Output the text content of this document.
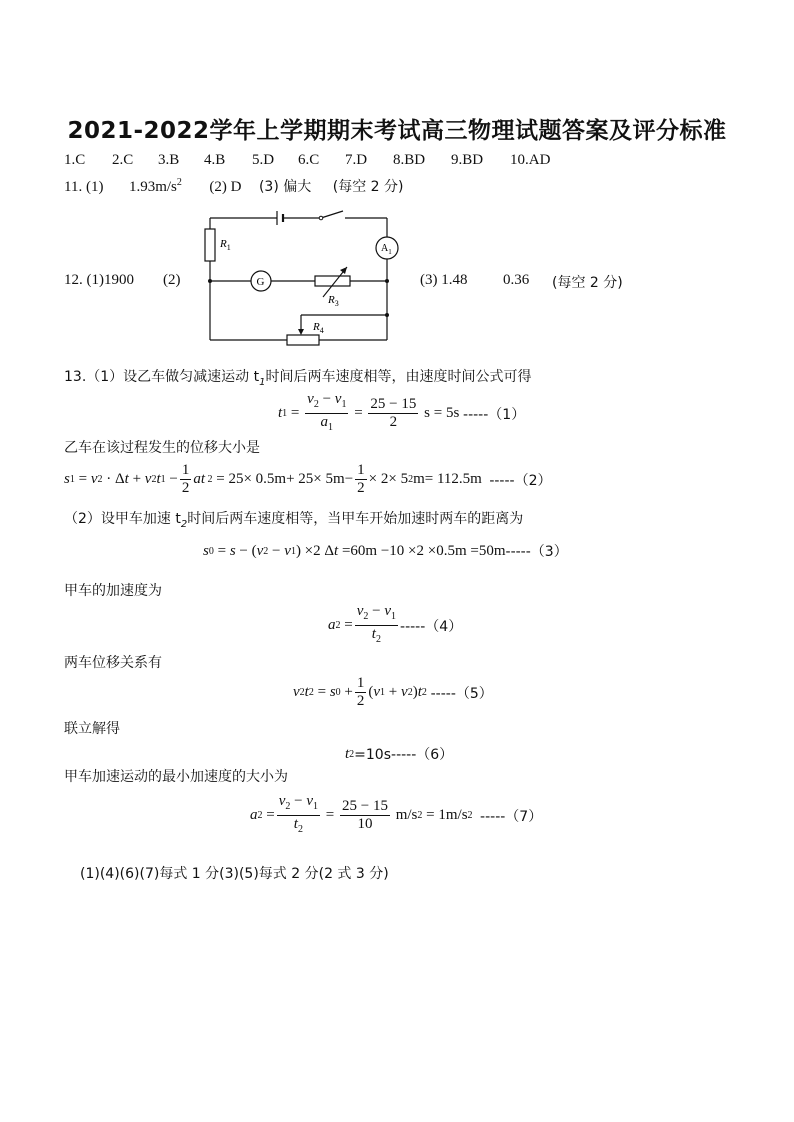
2021-2022学年上学期期末考试高三物理试题答案及评分标准
1.C 2.C 3.B 4.B 5.D 6.C 7.D 8.BD 9.BD 10.AD
11. (1) $1.93m/s^2$ (2) D (3) 偏大 (每空 2 分)
12. (1)1900 (2)	(3) 1.48 0.36 (每空 2 分)
$R_1$	$A_1$
G
$R_3$
$R_4$
13.（1）设乙车做匀减速运动 $t_1$时间后两车速度相等，由速度时间公式可得
t $1 = \frac{v_2 - v_1}{a_1} = \frac{25 - 15}{2}$ s = 5s -----（1）
乙车在该过程发生的位移大小是
s 1 = v 2 · Δ t + v 2 t $1 - \frac{1}{2}$ at $2 = 25\times 0.5m+ 25\times 5m- \frac{1}{2} \times 2\times 5$ 2 m= 112.5m -----（2）
（2）设甲车加速 $t_2$时间后两车速度相等，当甲车开始加速时两车的距离为
s 0 = s − ( v 2 − v 1 ) ×2 Δ t =60m −10 ×2 ×0.5m =50m -----（3）
甲车的加速度为
a $2 = \frac{v_2 - v_1}{t_2} -----(4)$
两车位移关系有
v 2 t 2 = s $0 + \frac{1}{2}$ ( v 1 + v 2 ) t 2
-----（5）
联立解得
t 2 =10s-----（6）
甲车加速运动的最小加速度的大小为
a $2 = \frac{v_2 - v_1}{t_2} = \frac{25 - 15}{10} m/s$ 2 = 1m/s 2
-----（7）
(1)(4)(6)(7)每式 1 分(3)(5)每式 2 分(2 式 3 分)
